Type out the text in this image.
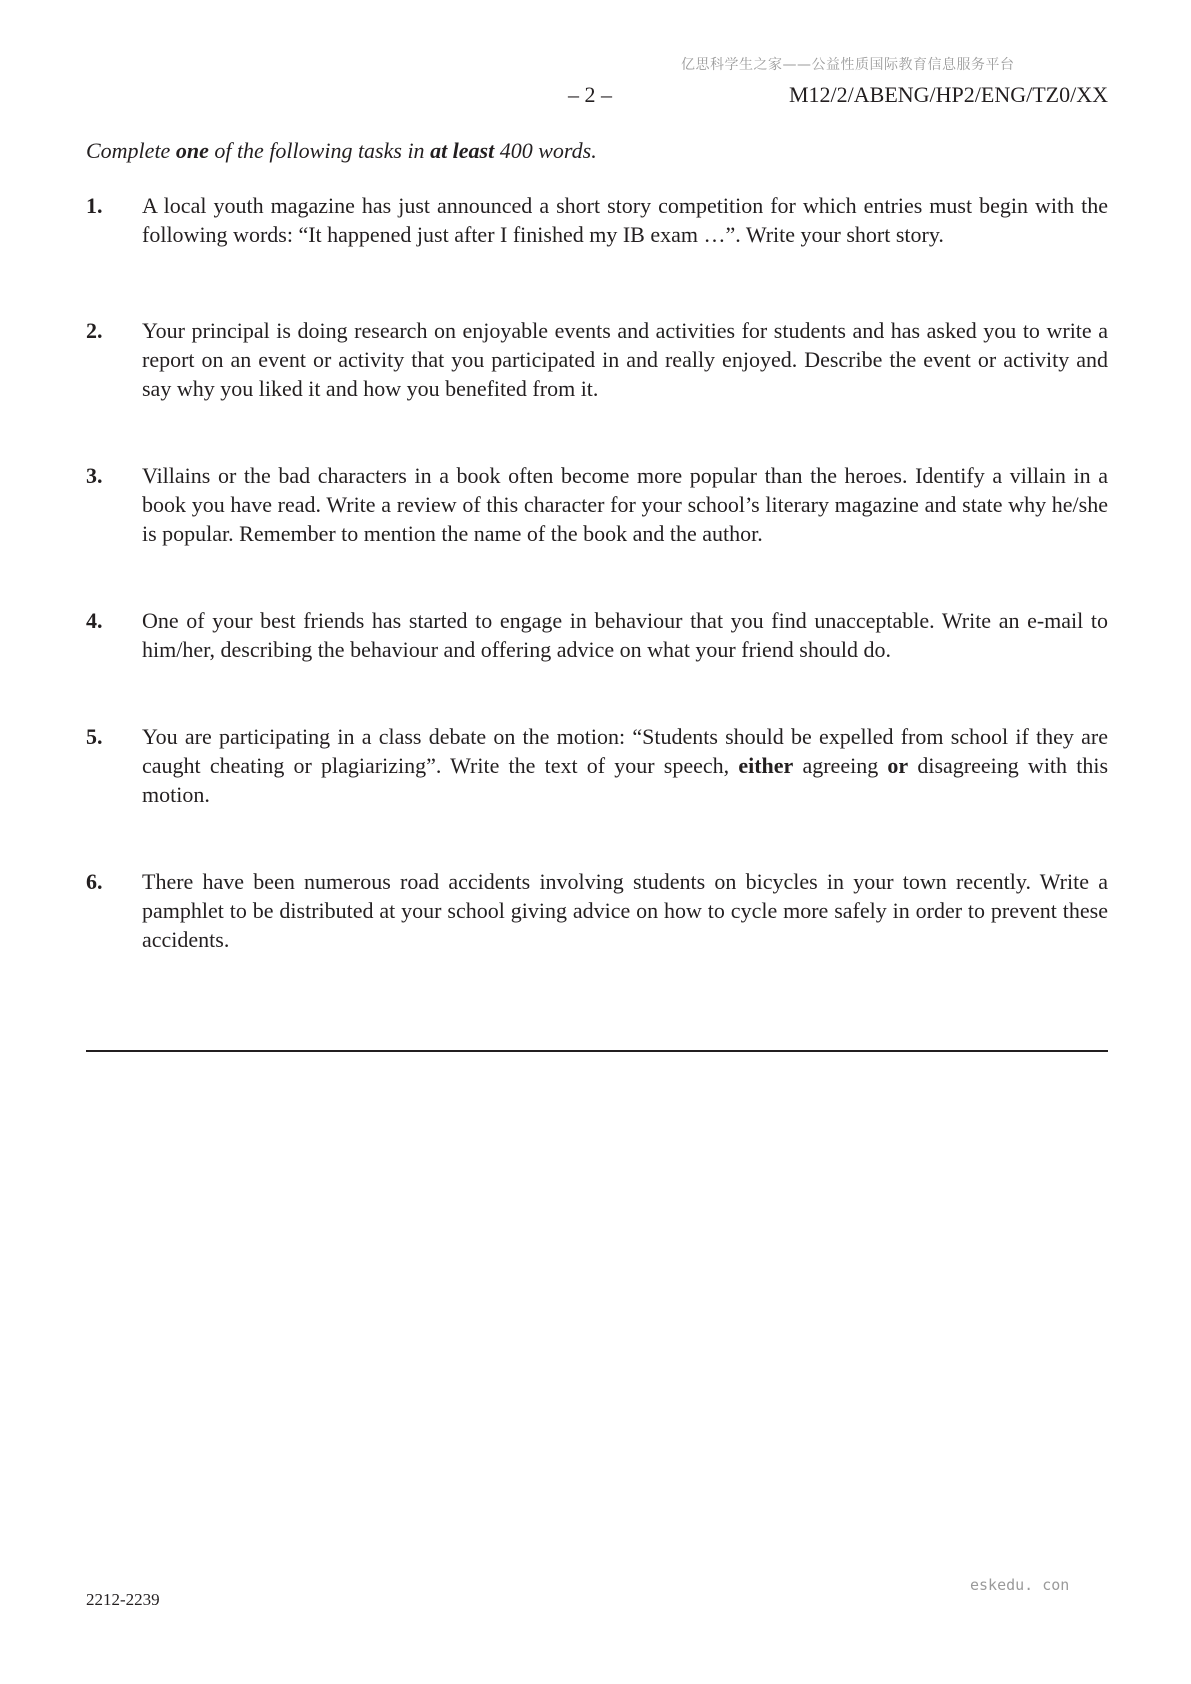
亿思科学生之家——公益性质国际教育信息服务平台
– 2 –	M12/2/ABENG/HP2/ENG/TZ0/XX
Complete one of the following tasks in at least 400 words.
1.	A local youth magazine has just announced a short story competition for which entries must begin with the following words: “It happened just after I finished my IB exam …”. Write your short story.
2.	Your principal is doing research on enjoyable events and activities for students and has asked you to write a report on an event or activity that you participated in and really enjoyed. Describe the event or activity and say why you liked it and how you benefited from it.
3.	Villains or the bad characters in a book often become more popular than the heroes. Identify a villain in a book you have read. Write a review of this character for your school’s literary magazine and state why he/she is popular. Remember to mention the name of the book and the author.
4.	One of your best friends has started to engage in behaviour that you find unacceptable. Write an e-mail to him/her, describing the behaviour and offering advice on what your friend should do.
5.	You are participating in a class debate on the motion: “Students should be expelled from school if they are caught cheating or plagiarizing”. Write the text of your speech, either agreeing or disagreeing with this motion.
6.	There have been numerous road accidents involving students on bicycles in your town recently. Write a pamphlet to be distributed at your school giving advice on how to cycle more safely in order to prevent these accidents.
eskedu. con
2212-2239
